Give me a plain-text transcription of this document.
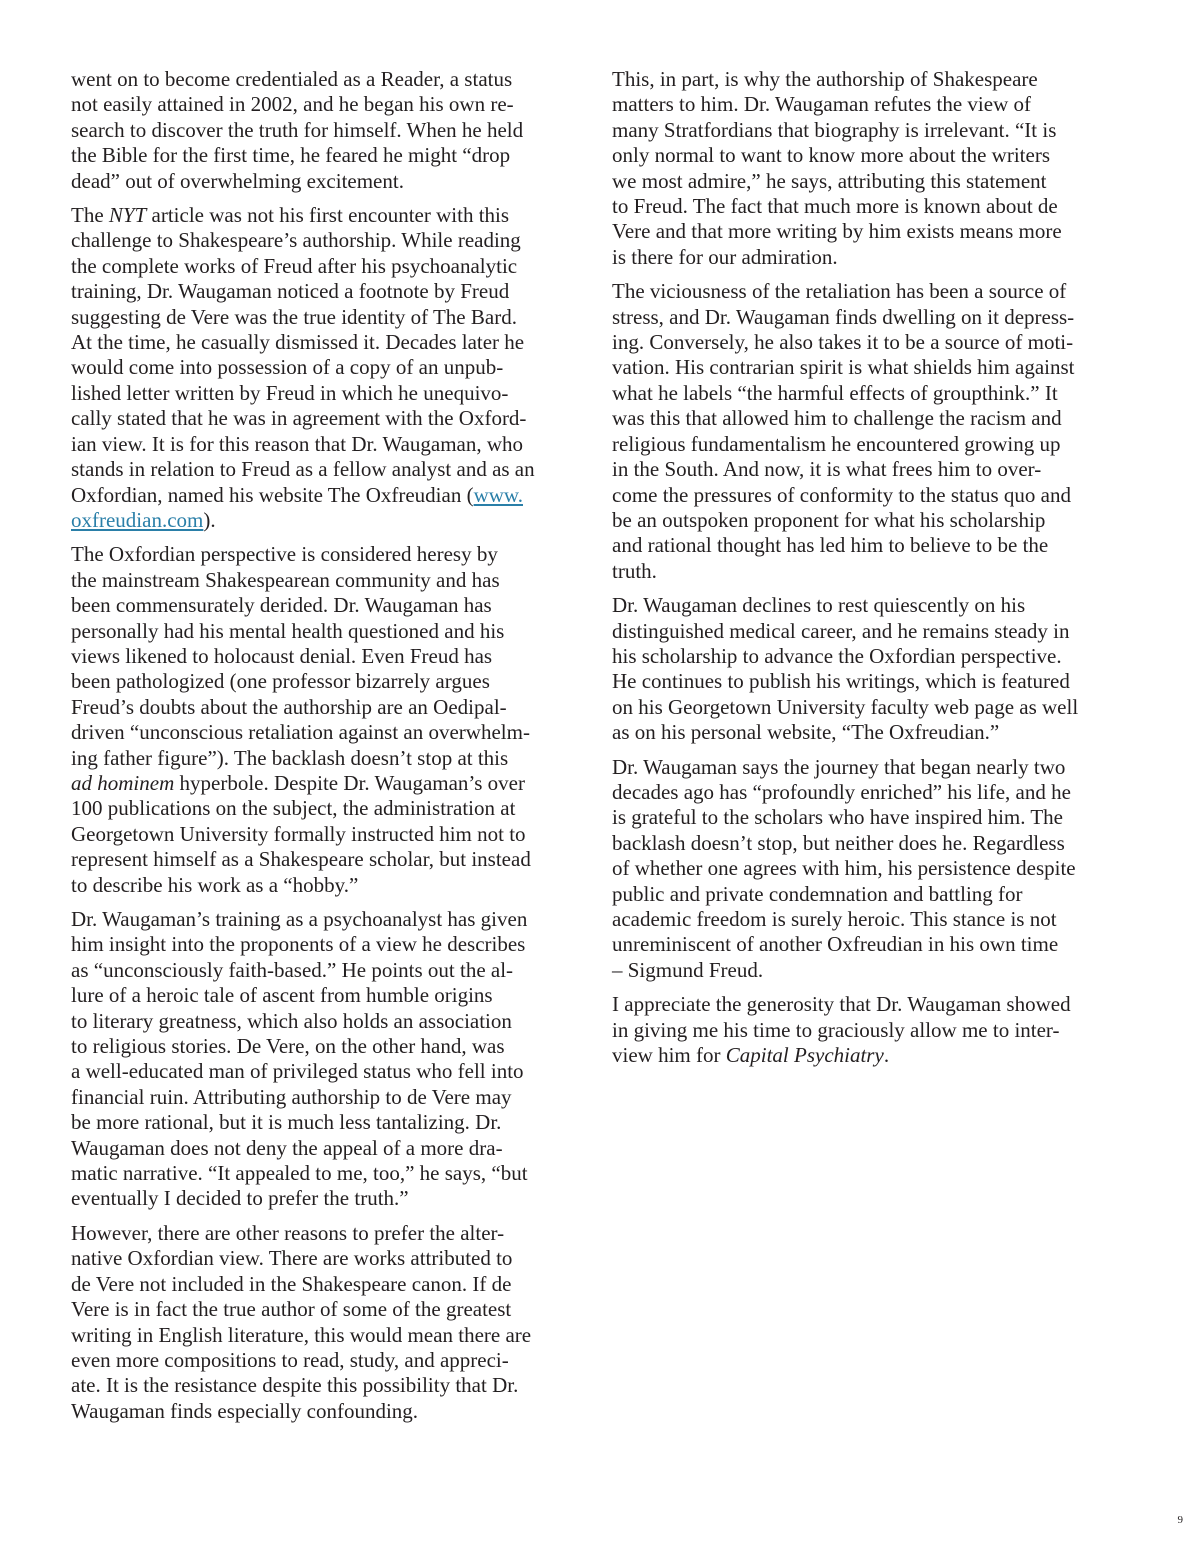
went on to become credentialed as a Reader, a status
not easily attained in 2002, and he began his own re-
search to discover the truth for himself. When he held
the Bible for the first time, he feared he might “drop
dead” out of overwhelming excitement.

The NYT article was not his first encounter with this
challenge to Shakespeare’s authorship. While reading
the complete works of Freud after his psychoanalytic
training, Dr. Waugaman noticed a footnote by Freud
suggesting de Vere was the true identity of The Bard.
At the time, he casually dismissed it. Decades later he
would come into possession of a copy of an unpub-
lished letter written by Freud in which he unequivo-
cally stated that he was in agreement with the Oxford-
ian view. It is for this reason that Dr. Waugaman, who
stands in relation to Freud as a fellow analyst and as an
Oxfordian, named his website The Oxfreudian (www.
oxfreudian.com).

The Oxfordian perspective is considered heresy by
the mainstream Shakespearean community and has
been commensurately derided. Dr. Waugaman has
personally had his mental health questioned and his
views likened to holocaust denial. Even Freud has
been pathologized (one professor bizarrely argues
Freud’s doubts about the authorship are an Oedipal-
driven “unconscious retaliation against an overwhelm-
ing father figure”). The backlash doesn’t stop at this
ad hominem hyperbole. Despite Dr. Waugaman’s over
100 publications on the subject, the administration at
Georgetown University formally instructed him not to
represent himself as a Shakespeare scholar, but instead
to describe his work as a “hobby.”

Dr. Waugaman’s training as a psychoanalyst has given
him insight into the proponents of a view he describes
as “unconsciously faith-based.” He points out the al-
lure of a heroic tale of ascent from humble origins
to literary greatness, which also holds an association
to religious stories. De Vere, on the other hand, was
a well-educated man of privileged status who fell into
financial ruin. Attributing authorship to de Vere may
be more rational, but it is much less tantalizing. Dr.
Waugaman does not deny the appeal of a more dra-
matic narrative. “It appealed to me, too,” he says, “but
eventually I decided to prefer the truth.”

However, there are other reasons to prefer the alter-
native Oxfordian view. There are works attributed to
de Vere not included in the Shakespeare canon. If de
Vere is in fact the true author of some of the greatest
writing in English literature, this would mean there are
even more compositions to read, study, and appreci-
ate. It is the resistance despite this possibility that Dr.
Waugaman finds especially confounding.

This, in part, is why the authorship of Shakespeare
matters to him. Dr. Waugaman refutes the view of
many Stratfordians that biography is irrelevant. “It is
only normal to want to know more about the writers
we most admire,” he says, attributing this statement
to Freud. The fact that much more is known about de
Vere and that more writing by him exists means more
is there for our admiration.

The viciousness of the retaliation has been a source of
stress, and Dr. Waugaman finds dwelling on it depress-
ing. Conversely, he also takes it to be a source of moti-
vation. His contrarian spirit is what shields him against
what he labels “the harmful effects of groupthink.” It
was this that allowed him to challenge the racism and
religious fundamentalism he encountered growing up
in the South. And now, it is what frees him to over-
come the pressures of conformity to the status quo and
be an outspoken proponent for what his scholarship
and rational thought has led him to believe to be the
truth.

Dr. Waugaman declines to rest quiescently on his
distinguished medical career, and he remains steady in
his scholarship to advance the Oxfordian perspective.
He continues to publish his writings, which is featured
on his Georgetown University faculty web page as well
as on his personal website, “The Oxfreudian.”

Dr. Waugaman says the journey that began nearly two
decades ago has “profoundly enriched” his life, and he
is grateful to the scholars who have inspired him. The
backlash doesn’t stop, but neither does he. Regardless
of whether one agrees with him, his persistence despite
public and private condemnation and battling for
academic freedom is surely heroic. This stance is not
unreminiscent of another Oxfreudian in his own time
– Sigmund Freud.

I appreciate the generosity that Dr. Waugaman showed
in giving me his time to graciously allow me to inter-
view him for Capital Psychiatry.

9
